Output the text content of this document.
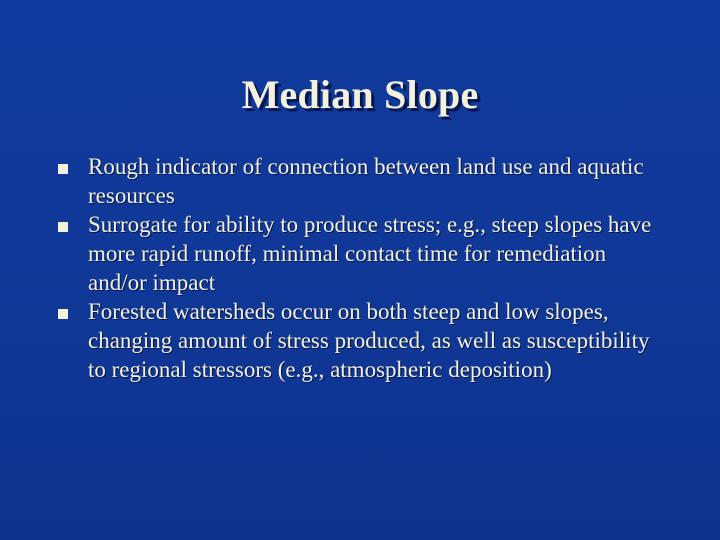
Median Slope
Rough indicator of connection between land use and aquatic resources
Surrogate for ability to produce stress; e.g., steep slopes have more rapid runoff, minimal contact time for remediation and/or impact
Forested watersheds occur on both steep and low slopes, changing amount of stress produced, as well as susceptibility to regional stressors (e.g., atmospheric deposition)
